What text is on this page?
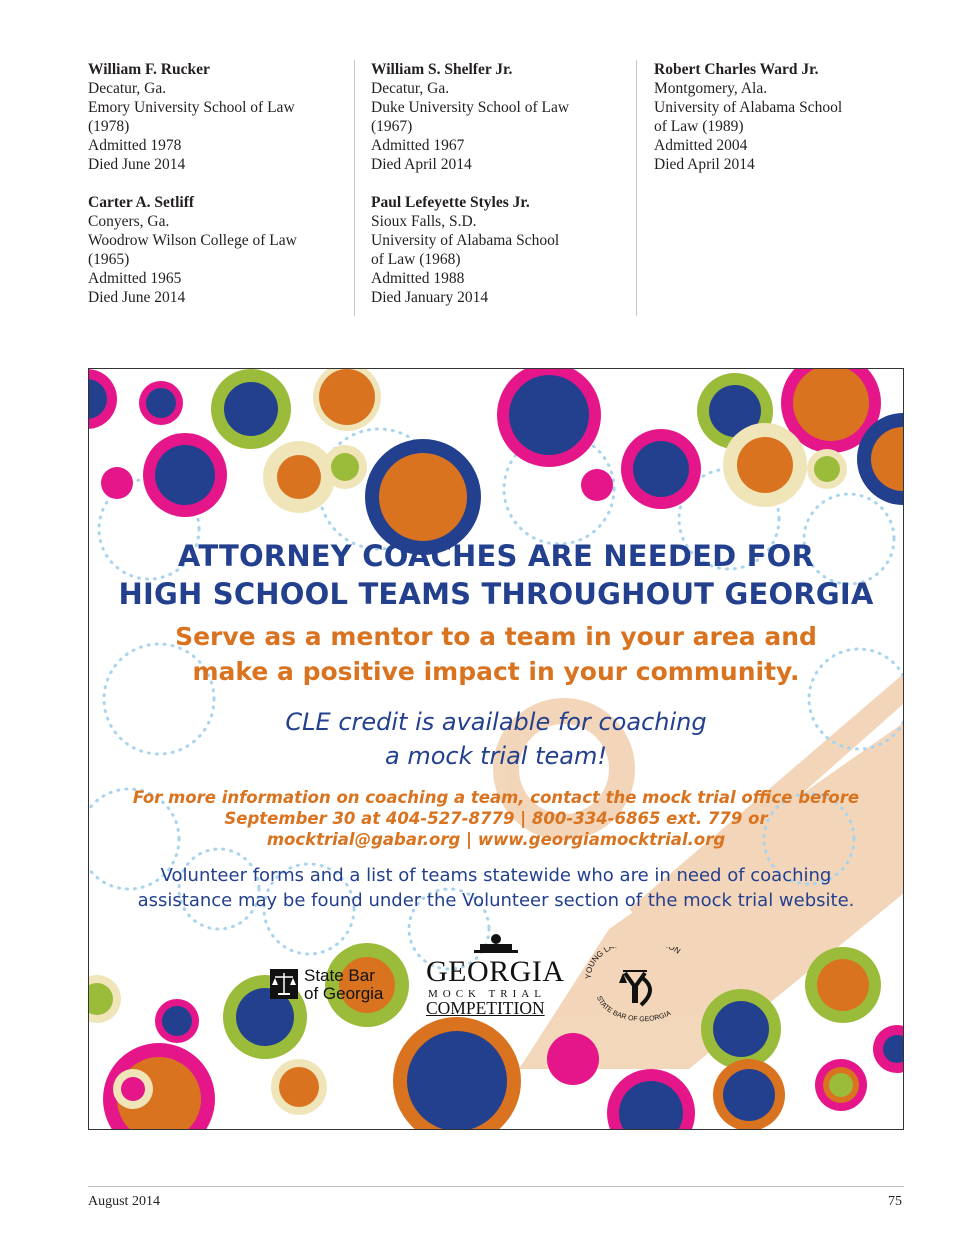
William F. Rucker
Decatur, Ga.
Emory University School of Law
(1978)
Admitted 1978
Died June 2014
Carter A. Setliff
Conyers, Ga.
Woodrow Wilson College of Law
(1965)
Admitted 1965
Died June 2014
William S. Shelfer Jr.
Decatur, Ga.
Duke University School of Law
(1967)
Admitted 1967
Died April 2014
Paul Lefeyette Styles Jr.
Sioux Falls, S.D.
University of Alabama School
of Law (1968)
Admitted 1988
Died January 2014
Robert Charles Ward Jr.
Montgomery, Ala.
University of Alabama School
of Law (1989)
Admitted 2004
Died April 2014
ATTORNEY COACHES ARE NEEDED FOR
HIGH SCHOOL TEAMS THROUGHOUT GEORGIA
Serve as a mentor to a team in your area and
make a positive impact in your community.
CLE credit is available for coaching
a mock trial team!
For more information on coaching a team, contact the mock trial office before
September 30 at 404-527-8779 | 800-334-6865 ext. 779 or
mocktrial@gabar.org | www.georgiamocktrial.org
Volunteer forms and a list of teams statewide who are in need of coaching
assistance may be found under the Volunteer section of the mock trial website.
State Bar
of Georgia
GEORGIA
MOCK TRIAL
COMPETITION
OUNG LA ON
STATE BAR OF GEORGIA
August 2014	75
